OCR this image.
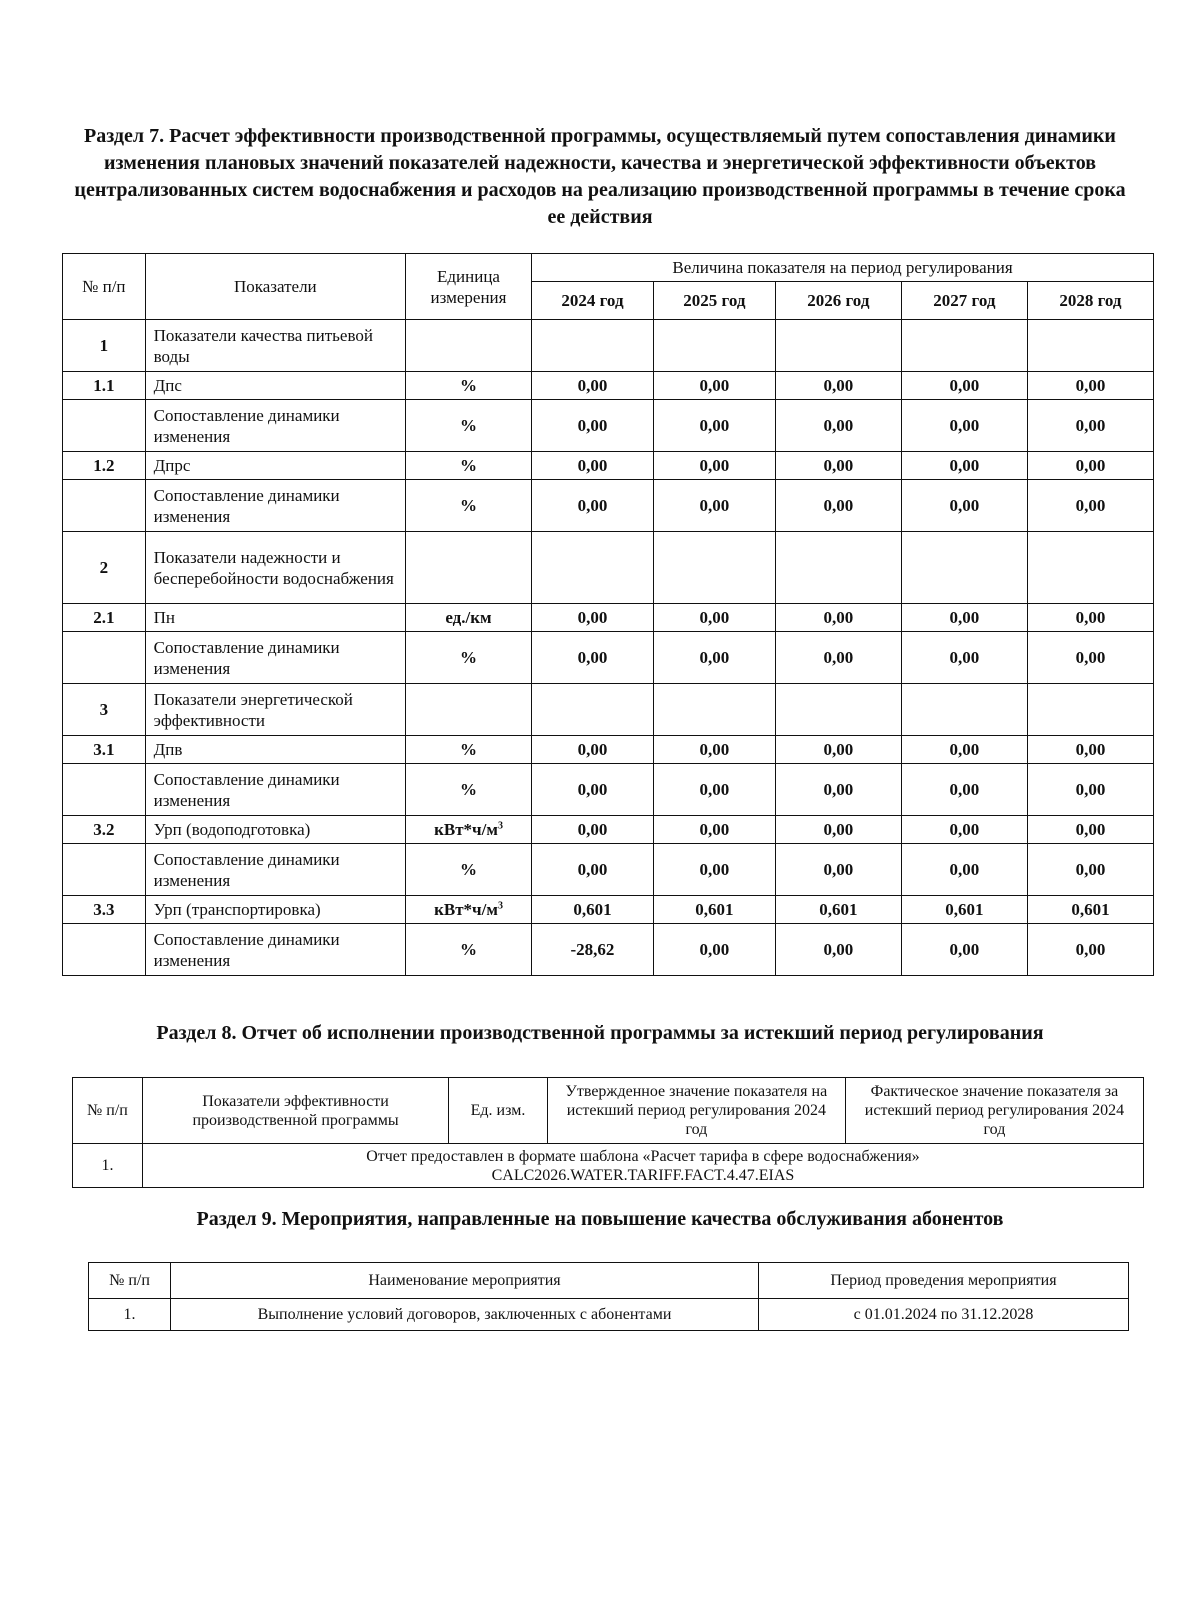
Раздел 7. Расчет эффективности производственной программы, осуществляемый путем сопоставления динамики изменения плановых значений показателей надежности, качества и энергетической эффективности объектов централизованных систем водоснабжения и расходов на реализацию производственной программы в течение срока ее действия
№ п/п	Показатели	Единица измерения	Величина показателя на период регулирования				
			2024 год	2025 год	2026 год	2027 год	2028 год
1	Показатели качества питьевой воды						
1.1	Дпс	%	0,00	0,00	0,00	0,00	0,00
	Сопоставление динамики изменения	%	0,00	0,00	0,00	0,00	0,00
1.2	Дпрс	%	0,00	0,00	0,00	0,00	0,00
	Сопоставление динамики изменения	%	0,00	0,00	0,00	0,00	0,00
2	Показатели надежности и бесперебойности водоснабжения						
2.1	Пн	ед./км	0,00	0,00	0,00	0,00	0,00
	Сопоставление динамики изменения	%	0,00	0,00	0,00	0,00	0,00
3	Показатели энергетической эффективности						
3.1	Дпв	%	0,00	0,00	0,00	0,00	0,00
	Сопоставление динамики изменения	%	0,00	0,00	0,00	0,00	0,00
3.2	Урп (водоподготовка)	$кВт*ч/м^3$	0,00	0,00	0,00	0,00	0,00
	Сопоставление динамики изменения	%	0,00	0,00	0,00	0,00	0,00
3.3	Урп (транспортировка)	$кВт*ч/м^3$	0,601	0,601	0,601	0,601	0,601
	Сопоставление динамики изменения	%	-28,62	0,00	0,00	0,00	0,00
Раздел 8. Отчет об исполнении производственной программы за истекший период регулирования
№ п/п	Показатели эффективности производственной программы	Ед. изм.	Утвержденное значение показателя на истекший период регулирования 2024 год	Фактическое значение показателя за истекший период регулирования 2024 год
1.	Отчет предоставлен в формате шаблона «Расчет тарифа в сфере водоснабжения»
CALC2026.WATER.TARIFF.FACT.4.47.EIAS			
Раздел 9. Мероприятия, направленные на повышение качества обслуживания абонентов
№ п/п	Наименование мероприятия	Период проведения мероприятия
1.	Выполнение условий договоров, заключенных с абонентами	с 01.01.2024 по 31.12.2028
